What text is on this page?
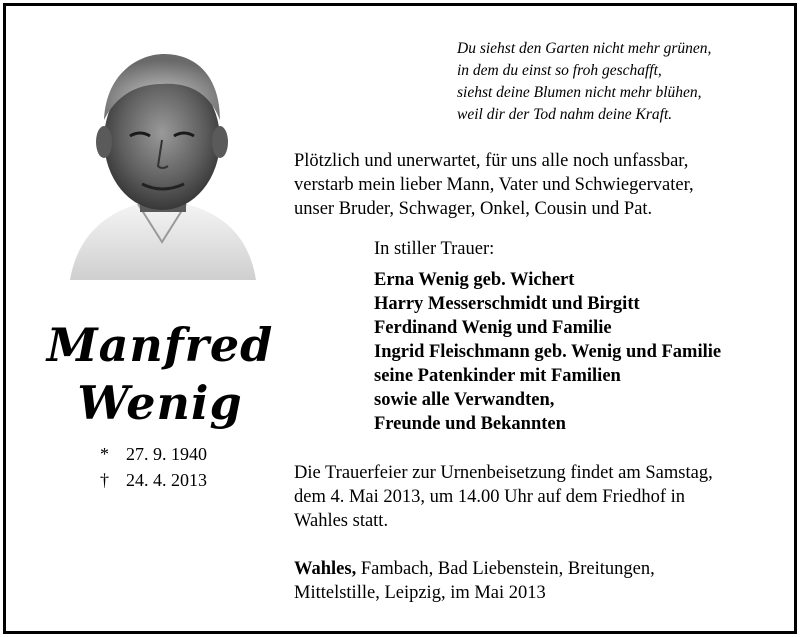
Du siehst den Garten nicht mehr grünen,
in dem du einst so froh geschafft,
siehst deine Blumen nicht mehr blühen,
weil dir der Tod nahm deine Kraft.
Plötzlich und unerwartet, für uns alle noch unfassbar,
verstarb mein lieber Mann, Vater und Schwiegervater,
unser Bruder, Schwager, Onkel, Cousin und Pat.
Manfred
Wenig
* 27. 9. 1940
† 24. 4. 2013
In stiller Trauer:
Erna Wenig geb. Wichert
Harry Messerschmidt und Birgitt
Ferdinand Wenig und Familie
Ingrid Fleischmann geb. Wenig und Familie
seine Patenkinder mit Familien
sowie alle Verwandten,
Freunde und Bekannten
Die Trauerfeier zur Urnenbeisetzung findet am Samstag,
dem 4. Mai 2013, um 14.00 Uhr auf dem Friedhof in
Wahles statt.
Wahles, Fambach, Bad Liebenstein, Breitungen,
Mittelstille, Leipzig, im Mai 2013
